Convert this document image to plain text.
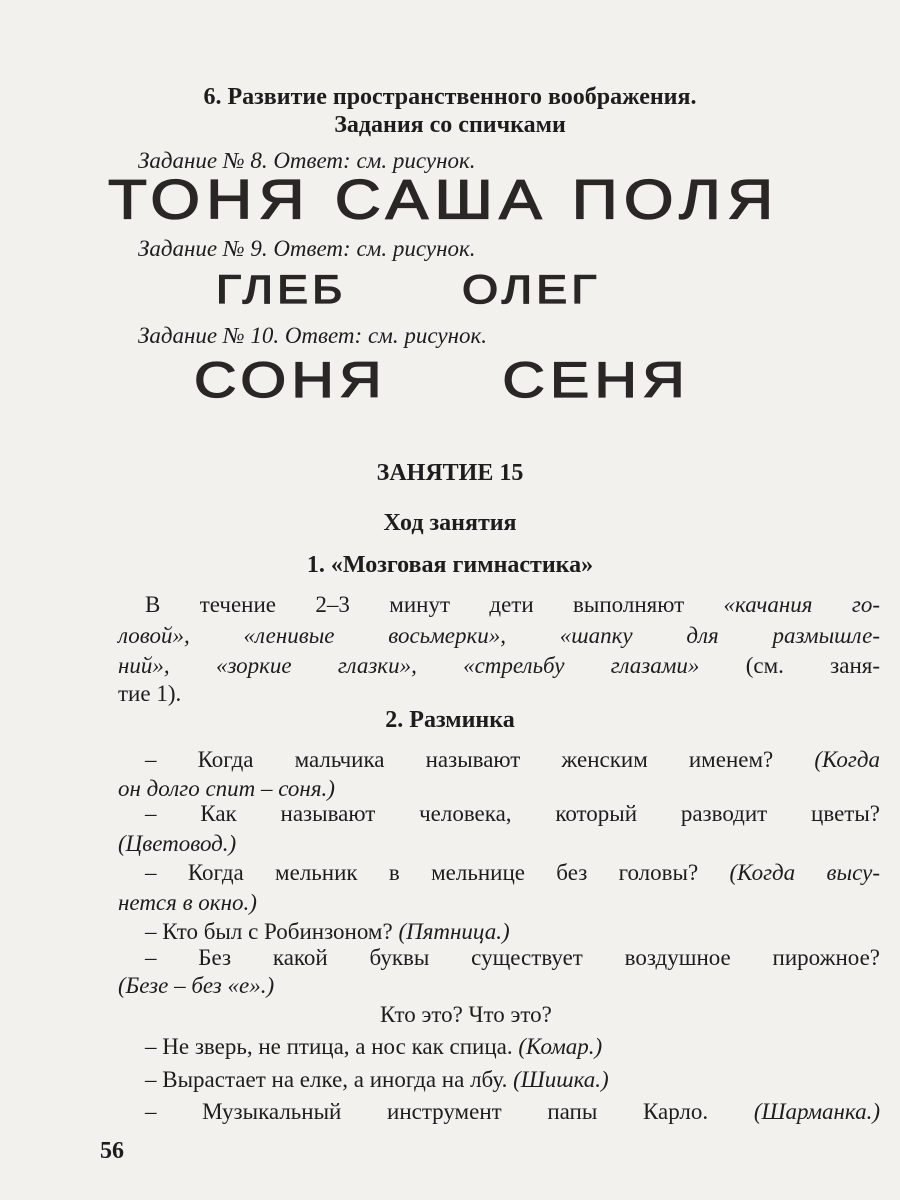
6. Развитие пространственного воображения.
Задания со спичками
Задание № 8. Ответ: см. рисунок.
ТОНЯ САША ПОЛЯ
Задание № 9. Ответ: см. рисунок.
ГЛЕБ	ОЛЕГ
Задание № 10. Ответ: см. рисунок.
СОНЯ СЕНЯ
ЗАНЯТИЕ 15
Ход занятия
1. «Мозговая гимнастика»
В течение 2–3 минут дети выполняют «качания го-
ловой», «ленивые восьмерки», «шапку для размышле-
ний», «зоркие глазки», «стрельбу глазами» (см. заня-
тие 1).
2. Разминка
– Когда мальчика называют женским именем? (Когда
он долго спит – соня.)
– Как называют человека, который разводит цветы?
(Цветовод.)
– Когда мельник в мельнице без головы? (Когда высу-
нется в окно.)
– Кто был с Робинзоном? (Пятница.)
– Без какой буквы существует воздушное пирожное?
(Безе – без «е».)
Кто это? Что это?
– Не зверь, не птица, а нос как спица. (Комар.)
– Вырастает на елке, а иногда на лбу. (Шишка.)
– Музыкальный инструмент папы Карло. (Шарманка.)
56
